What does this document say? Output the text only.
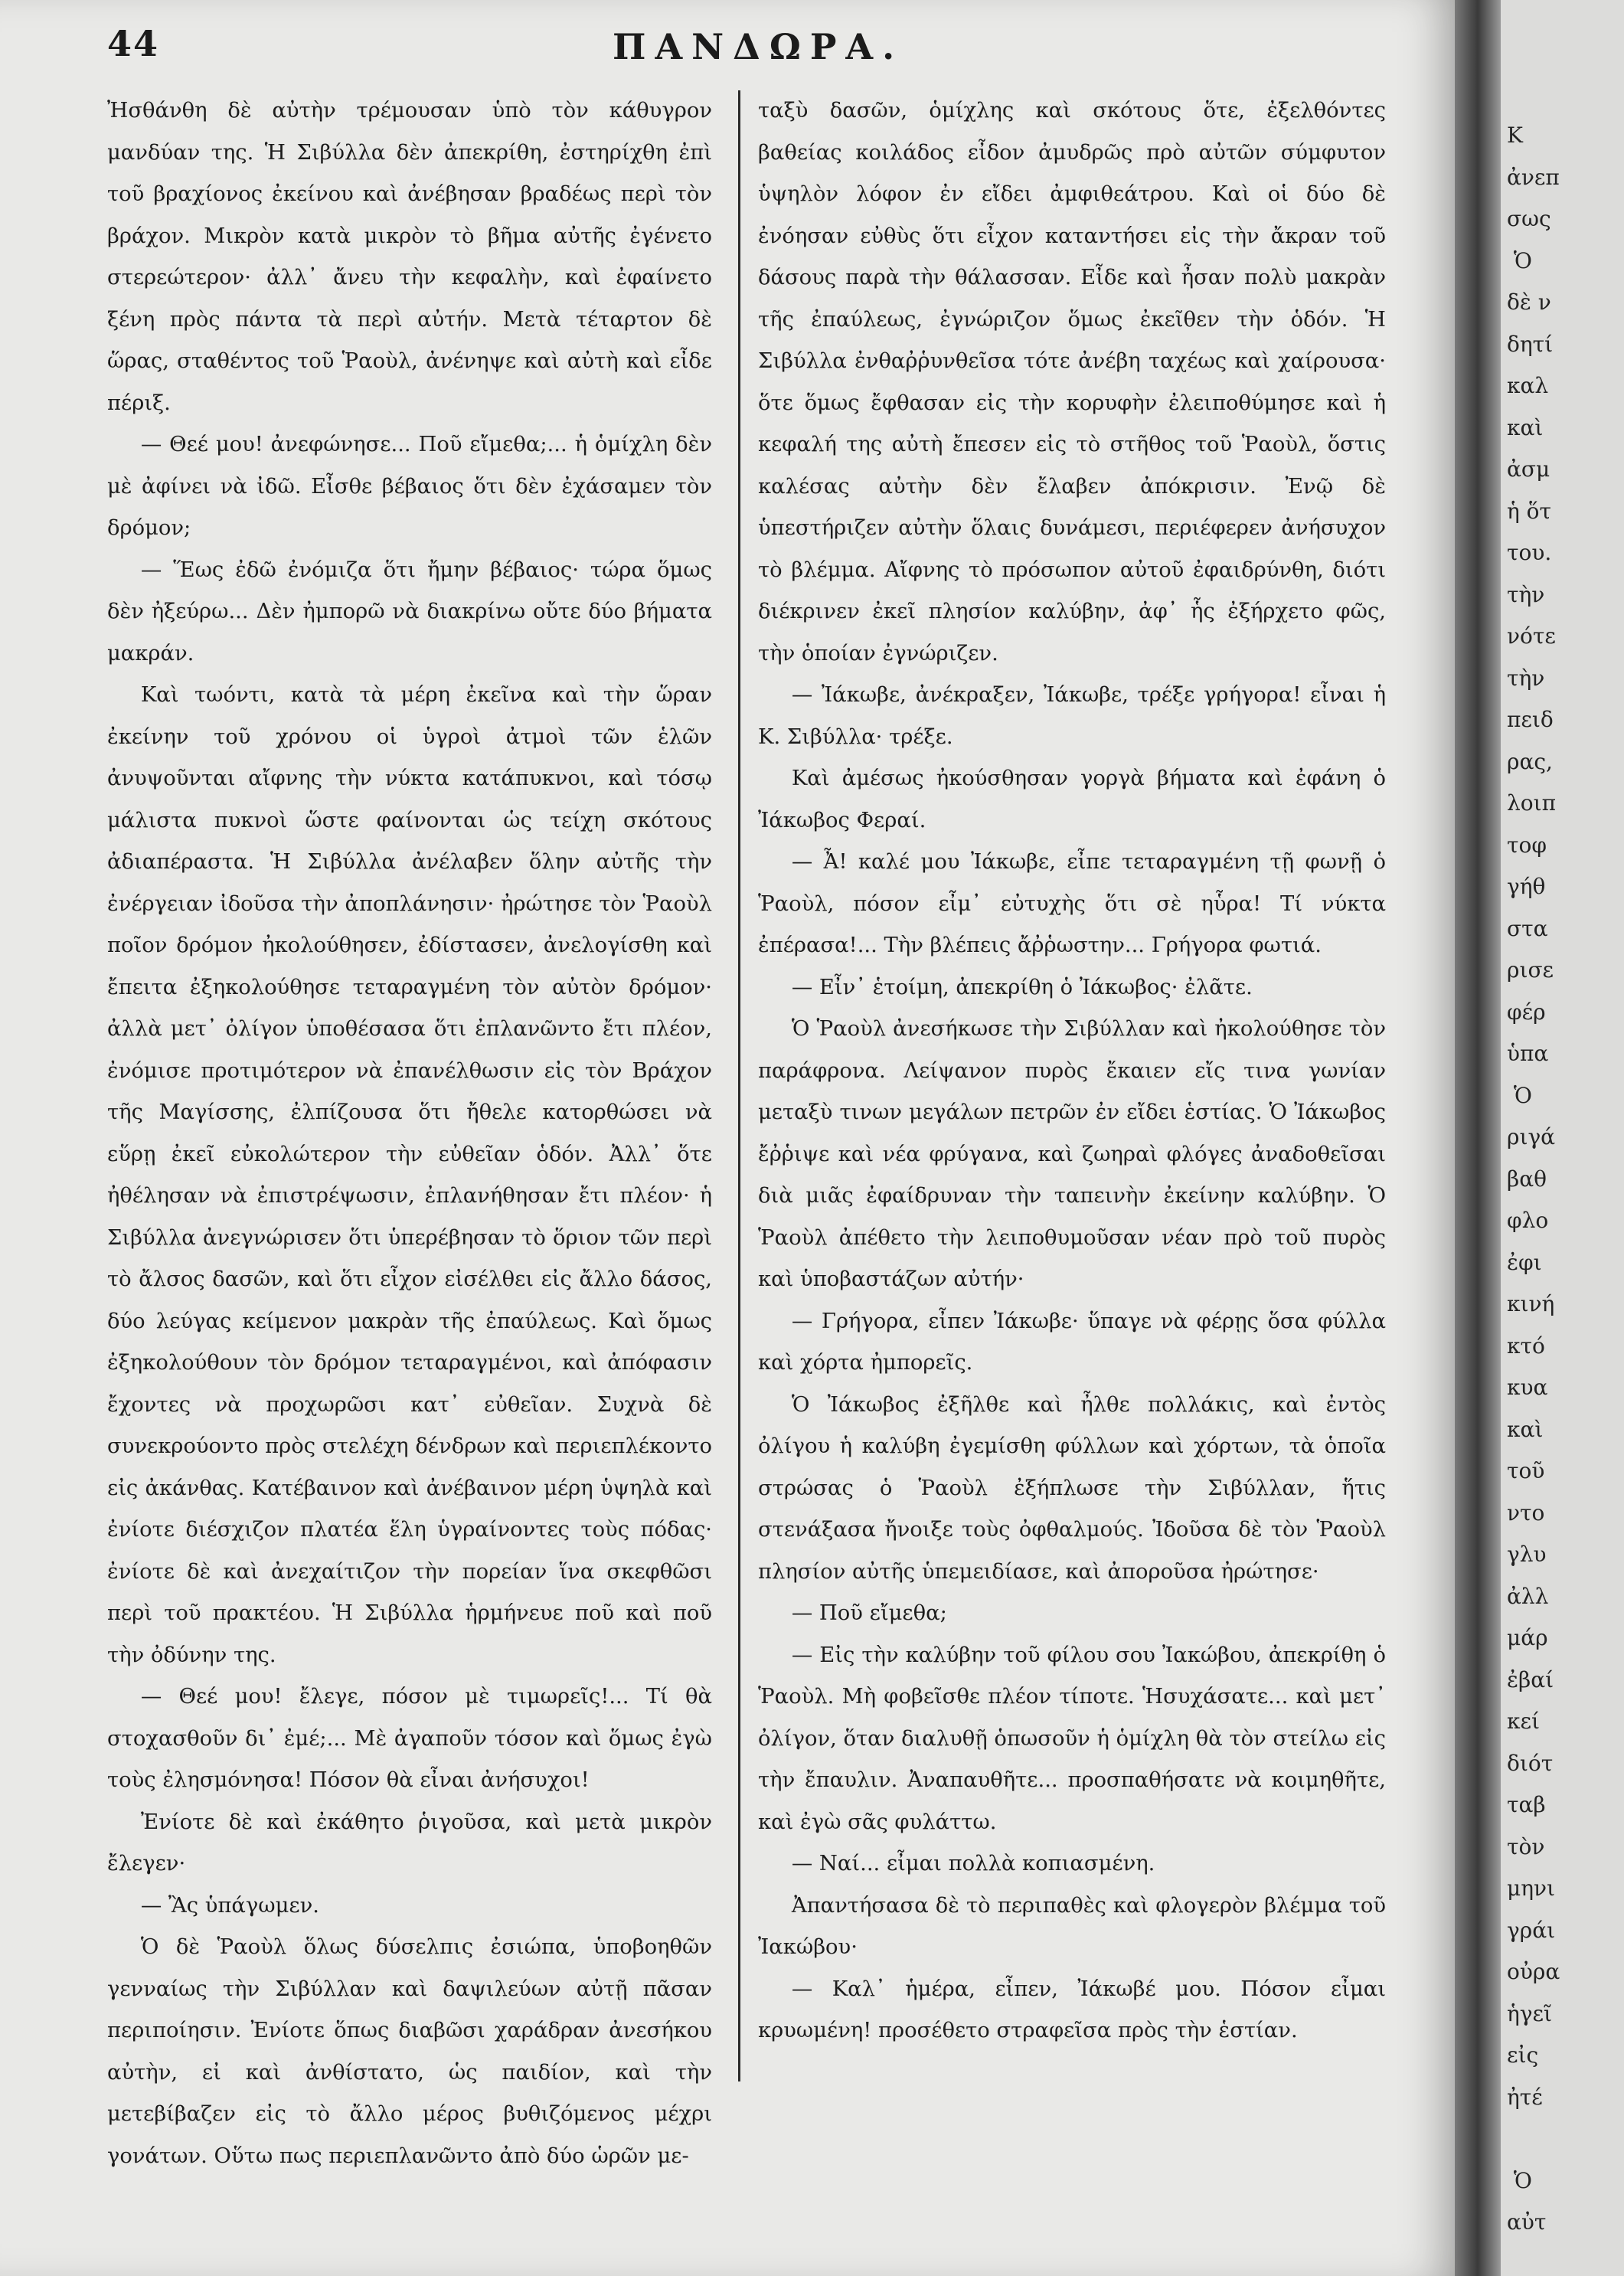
44	ΠΑΝΔΩΡΑ.

Ἠσθάνθη δὲ αὐτὴν τρέμουσαν ὑπὸ τὸν κάθυγρον μανδύαν της. Ἡ Σιβύλλα δὲν ἀπεκρίθη, ἐστηρίχθη ἐπὶ τοῦ βραχίονος ἐκείνου καὶ ἀνέβησαν βραδέως περὶ τὸν βράχον. Μικρὸν κατὰ μικρὸν τὸ βῆμα αὐτῆς ἐγένετο στερεώτερον· ἀλλ᾿ ἄνευ τὴν κεφαλὴν, καὶ ἐφαίνετο ξένη πρὸς πάντα τὰ περὶ αὐτήν. Μετὰ τέταρτον δὲ ὥρας, σταθέντος τοῦ Ῥαοὺλ, ἀνένηψε καὶ αὐτὴ καὶ εἶδε πέριξ.

— Θεέ μου! ἀνεφώνησε... Ποῦ εἴμεθα;... ἡ ὁμίχλη δὲν μὲ ἀφίνει νὰ ἰδῶ. Εἶσθε βέβαιος ὅτι δὲν ἐχάσαμεν τὸν δρόμον;

— Ἕως ἐδῶ ἐνόμιζα ὅτι ἤμην βέβαιος· τώρα ὅμως δὲν ἠξεύρω... Δὲν ἠμπορῶ νὰ διακρίνω οὔτε δύο βήματα μακράν.

Καὶ τωόντι, κατὰ τὰ μέρη ἐκεῖνα καὶ τὴν ὥραν ἐκείνην τοῦ χρόνου οἱ ὑγροὶ ἀτμοὶ τῶν ἑλῶν ἀνυψοῦνται αἴφνης τὴν νύκτα κατάπυκνοι, καὶ τόσῳ μάλιστα πυκνοὶ ὥστε φαίνονται ὡς τείχη σκότους ἀδιαπέραστα. Ἡ Σιβύλλα ἀνέλαβεν ὅλην αὐτῆς τὴν ἐνέργειαν ἰδοῦσα τὴν ἀποπλάνησιν· ἠρώτησε τὸν Ῥαοὺλ ποῖον δρόμον ἠκολούθησεν, ἐδίστασεν, ἀνελογίσθη καὶ ἔπειτα ἐξηκολούθησε τεταραγμένη τὸν αὐτὸν δρόμον· ἀλλὰ μετ᾿ ὀλίγον ὑποθέσασα ὅτι ἐπλανῶντο ἔτι πλέον, ἐνόμισε προτιμότερον νὰ ἐπανέλθωσιν εἰς τὸν Βράχον τῆς Μαγίσσης, ἐλπίζουσα ὅτι ἤθελε κατορθώσει νὰ εὕρῃ ἐκεῖ εὐκολώτερον τὴν εὐθεῖαν ὁδόν. Ἀλλ᾿ ὅτε ἠθέλησαν νὰ ἐπιστρέψωσιν, ἐπλανήθησαν ἔτι πλέον· ἡ Σιβύλλα ἀνεγνώρισεν ὅτι ὑπερέβησαν τὸ ὅριον τῶν περὶ τὸ ἄλσος δασῶν, καὶ ὅτι εἶχον εἰσέλθει εἰς ἄλλο δάσος, δύο λεύγας κείμενον μακρὰν τῆς ἐπαύλεως. Καὶ ὅμως ἐξηκολούθουν τὸν δρόμον τεταραγμένοι, καὶ ἀπόφασιν ἔχοντες νὰ προχωρῶσι κατ᾿ εὐθεῖαν. Συχνὰ δὲ συνεκρούοντο πρὸς στελέχη δένδρων καὶ περιεπλέκοντο εἰς ἀκάνθας. Κατέβαινον καὶ ἀνέβαινον μέρη ὑψηλὰ καὶ ἐνίοτε διέσχιζον πλατέα ἕλη ὑγραίνοντες τοὺς πόδας· ἐνίοτε δὲ καὶ ἀνεχαίτιζον τὴν πορείαν ἵνα σκεφθῶσι περὶ τοῦ πρακτέου. Ἡ Σιβύλλα ἡρμήνευε ποῦ καὶ ποῦ τὴν ὀδύνην της.

— Θεέ μου! ἔλεγε, πόσον μὲ τιμωρεῖς!... Τί θὰ στοχασθοῦν δι᾿ ἐμέ;... Μὲ ἀγαποῦν τόσον καὶ ὅμως ἐγὼ τοὺς ἐλησμόνησα! Πόσον θὰ εἶναι ἀνήσυχοι!

Ἐνίοτε δὲ καὶ ἐκάθητο ῥιγοῦσα, καὶ μετὰ μικρὸν ἔλεγεν·

— Ἂς ὑπάγωμεν.

Ὁ δὲ Ῥαοὺλ ὅλως δύσελπις ἐσιώπα, ὑποβοηθῶν γενναίως τὴν Σιβύλλαν καὶ δαψιλεύων αὐτῇ πᾶσαν περιποίησιν. Ἐνίοτε ὅπως διαβῶσι χαράδραν ἀνεσήκου αὐτὴν, εἰ καὶ ἀνθίστατο, ὡς παιδίον, καὶ τὴν μετεβίβαζεν εἰς τὸ ἄλλο μέρος βυθιζόμενος μέχρι γονάτων. Οὕτω πως περιεπλανῶντο ἀπὸ δύο ὡρῶν με-

ταξὺ δασῶν, ὁμίχλης καὶ σκότους ὅτε, ἐξελθόντες βαθείας κοιλάδος εἶδον ἀμυδρῶς πρὸ αὐτῶν σύμφυτον ὑψηλὸν λόφον ἐν εἴδει ἀμφιθεάτρου. Καὶ οἱ δύο δὲ ἐνόησαν εὐθὺς ὅτι εἶχον καταντήσει εἰς τὴν ἄκραν τοῦ δάσους παρὰ τὴν θάλασσαν. Εἶδε καὶ ἦσαν πολὺ μακρὰν τῆς ἐπαύλεως, ἐγνώριζον ὅμως ἐκεῖθεν τὴν ὁδόν. Ἡ Σιβύλλα ἐνθαῤῥυνθεῖσα τότε ἀνέβη ταχέως καὶ χαίρουσα· ὅτε ὅμως ἔφθασαν εἰς τὴν κορυφὴν ἐλειποθύμησε καὶ ἡ κεφαλή της αὐτὴ ἔπεσεν εἰς τὸ στῆθος τοῦ Ῥαοὺλ, ὅστις καλέσας αὐτὴν δὲν ἔλαβεν ἀπόκρισιν. Ἐνῷ δὲ ὑπεστήριζεν αὐτὴν ὅλαις δυνάμεσι, περιέφερεν ἀνήσυχον τὸ βλέμμα. Αἴφνης τὸ πρόσωπον αὐτοῦ ἐφαιδρύνθη, διότι διέκρινεν ἐκεῖ πλησίον καλύβην, ἀφ᾿ ἧς ἐξήρχετο φῶς, τὴν ὁποίαν ἐγνώριζεν.

— Ἰάκωβε, ἀνέκραξεν, Ἰάκωβε, τρέξε γρήγορα! εἶναι ἡ Κ. Σιβύλλα· τρέξε.

Καὶ ἀμέσως ἠκούσθησαν γοργὰ βήματα καὶ ἐφάνη ὁ Ἰάκωβος Φεραί.

— Ἆ! καλέ μου Ἰάκωβε, εἶπε τεταραγμένη τῇ φωνῇ ὁ Ῥαοὺλ, πόσον εἶμ᾿ εὐτυχὴς ὅτι σὲ ηὗρα! Τί νύκτα ἐπέρασα!... Τὴν βλέπεις ἄῤῥωστην... Γρήγορα φωτιά.

— Εἶν᾿ ἑτοίμη, ἀπεκρίθη ὁ Ἰάκωβος· ἐλᾶτε.

Ὁ Ῥαοὺλ ἀνεσήκωσε τὴν Σιβύλλαν καὶ ἠκολούθησε τὸν παράφρονα. Λείψανον πυρὸς ἔκαιεν εἴς τινα γωνίαν μεταξὺ τινων μεγάλων πετρῶν ἐν εἴδει ἑστίας. Ὁ Ἰάκωβος ἔῤῥιψε καὶ νέα φρύγανα, καὶ ζωηραὶ φλόγες ἀναδοθεῖσαι διὰ μιᾶς ἐφαίδρυναν τὴν ταπεινὴν ἐκείνην καλύβην. Ὁ Ῥαοὺλ ἀπέθετο τὴν λειποθυμοῦσαν νέαν πρὸ τοῦ πυρὸς καὶ ὑποβαστάζων αὐτήν·

— Γρήγορα, εἶπεν Ἰάκωβε· ὕπαγε νὰ φέρῃς ὅσα φύλλα καὶ χόρτα ἠμπορεῖς.

Ὁ Ἰάκωβος ἐξῆλθε καὶ ἦλθε πολλάκις, καὶ ἐντὸς ὀλίγου ἡ καλύβη ἐγεμίσθη φύλλων καὶ χόρτων, τὰ ὁποῖα στρώσας ὁ Ῥαοὺλ ἐξήπλωσε τὴν Σιβύλλαν, ἥτις στενάξασα ἤνοιξε τοὺς ὀφθαλμούς. Ἰδοῦσα δὲ τὸν Ῥαοὺλ πλησίον αὐτῆς ὑπεμειδίασε, καὶ ἀποροῦσα ἠρώτησε·

— Ποῦ εἴμεθα;

— Εἰς τὴν καλύβην τοῦ φίλου σου Ἰακώβου, ἀπεκρίθη ὁ Ῥαοὺλ. Μὴ φοβεῖσθε πλέον τίποτε. Ἡσυχάσατε... καὶ μετ᾿ ὀλίγον, ὅταν διαλυθῇ ὁπωσοῦν ἡ ὁμίχλη θὰ τὸν στείλω εἰς τὴν ἔπαυλιν. Ἀναπαυθῆτε... προσπαθήσατε νὰ κοιμηθῆτε, καὶ ἐγὼ σᾶς φυλάττω.

— Ναί... εἶμαι πολλὰ κοπιασμένη.

Ἀπαντήσασα δὲ τὸ περιπαθὲς καὶ φλογερὸν βλέμμα τοῦ Ἰακώβου·

— Καλ᾿ ἡμέρα, εἶπεν, Ἰάκωβέ μου. Πόσον εἶμαι κρυωμένη! προσέθετο στραφεῖσα πρὸς τὴν ἑστίαν.

Κ
ἀνεπ
σως
Ὁ
δὲ ν
δητί
καλ
καὶ
ἀσμ
ἡ ὅτ
του.
τὴν
νότε
τὴν
πειδ
ρας,
λοιπ
τοφ
γήθ
στα
ρισε
φέρ
ὑπα
Ὁ
ριγά
βαθ
φλο
ἐφι
κινή
κτό
κυα
καὶ
τοῦ
ντο
γλυ
ἀλλ
μάρ
ἐβαί
κεί
διότ
ταβ
τὸν
μηνι
γράι
οὐρα
ἡγεῖ
εἰς
ἠτέ

Ὁ
αὐτ
